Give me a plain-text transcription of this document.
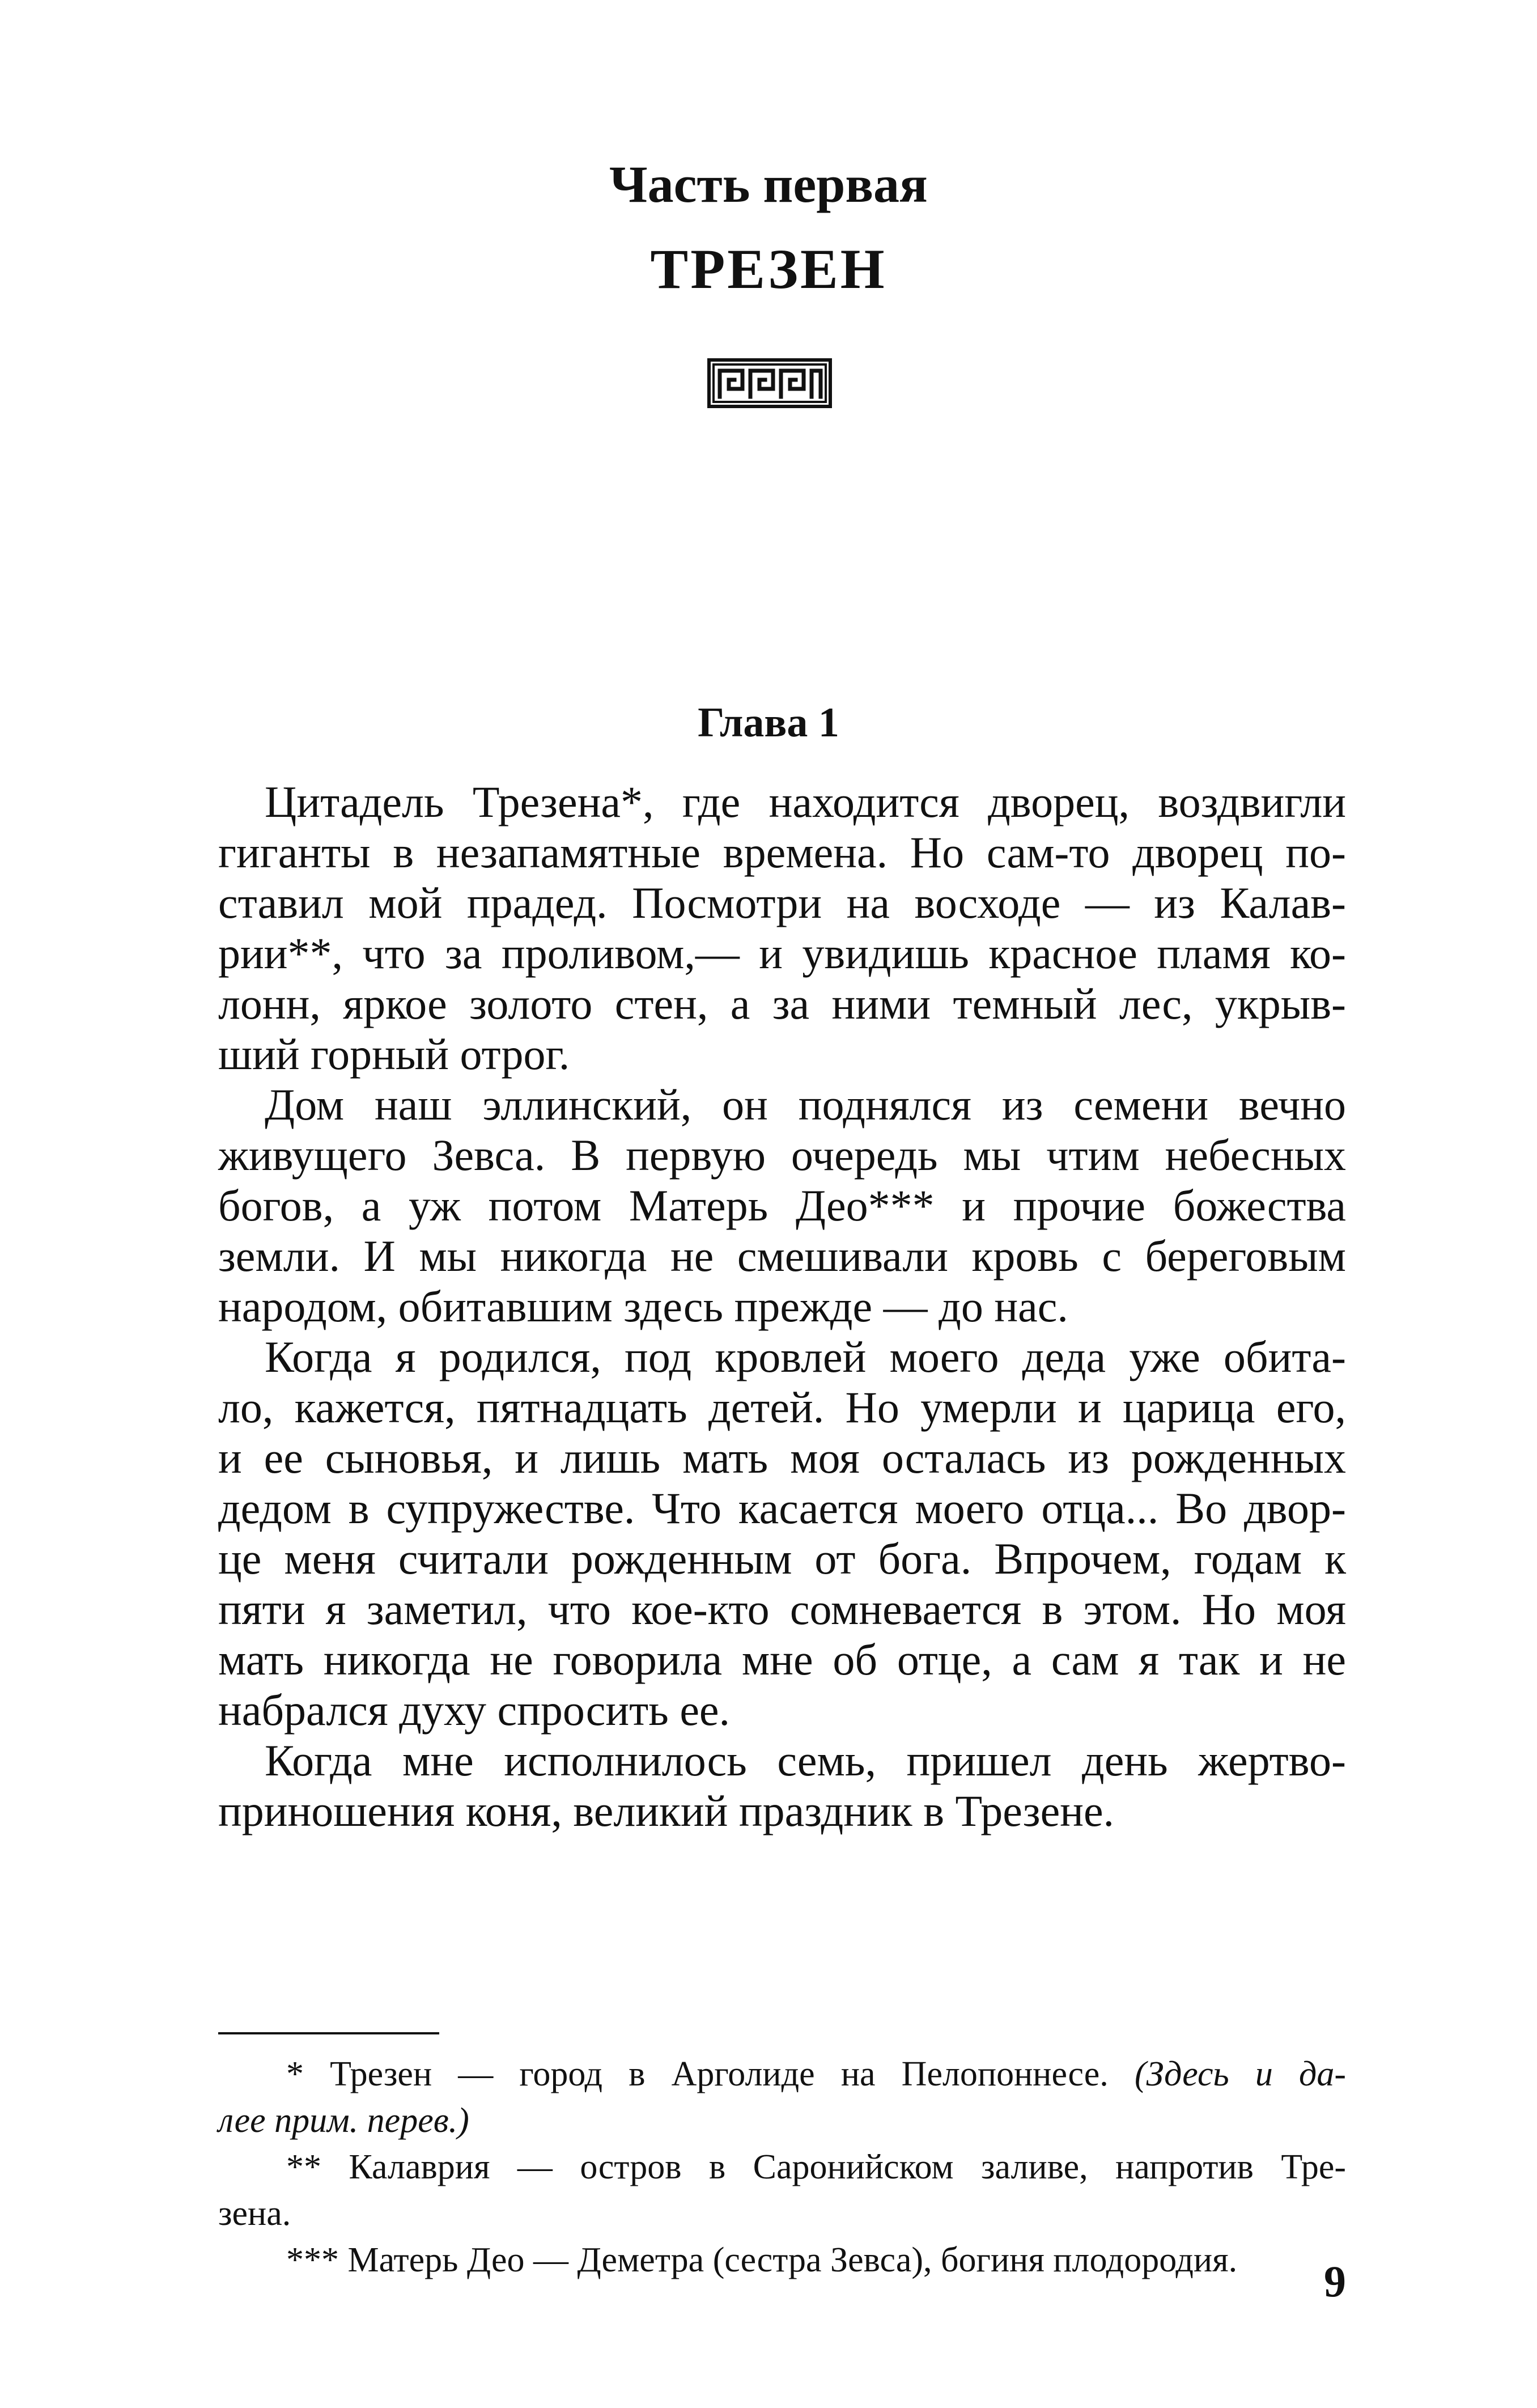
Часть первая
ТРЕЗЕН
Глава 1
Цитадель Трезена*, где находится дворец, воздвигли
гиганты в незапамятные времена. Но сам-то дворец по-
ставил мой прадед. Посмотри на восходе — из Калав-
рии**, что за проливом,— и увидишь красное пламя ко-
лонн, яркое золото стен, а за ними темный лес, укрыв-
ший горный отрог.
Дом наш эллинский, он поднялся из семени вечно
живущего Зевса. В первую очередь мы чтим небесных
богов, а уж потом Матерь Део*** и прочие божества
земли. И мы никогда не смешивали кровь с береговым
народом, обитавшим здесь прежде — до нас.
Когда я родился, под кровлей моего деда уже обита-
ло, кажется, пятнадцать детей. Но умерли и царица его,
и ее сыновья, и лишь мать моя осталась из рожденных
дедом в супружестве. Что касается моего отца... Во двор-
це меня считали рожденным от бога. Впрочем, годам к
пяти я заметил, что кое-кто сомневается в этом. Но моя
мать никогда не говорила мне об отце, а сам я так и не
набрался духу спросить ее.
Когда мне исполнилось семь, пришел день жертво-
приношения коня, великий праздник в Трезене.
* Трезен — город в Арголиде на Пелопоннесе. (Здесь и да-
лее прим. перев.)
** Калаврия — остров в Саронийском заливе, напротив Тре-
зена.
*** Матерь Део — Деметра (сестра Зевса), богиня плодородия.	9
